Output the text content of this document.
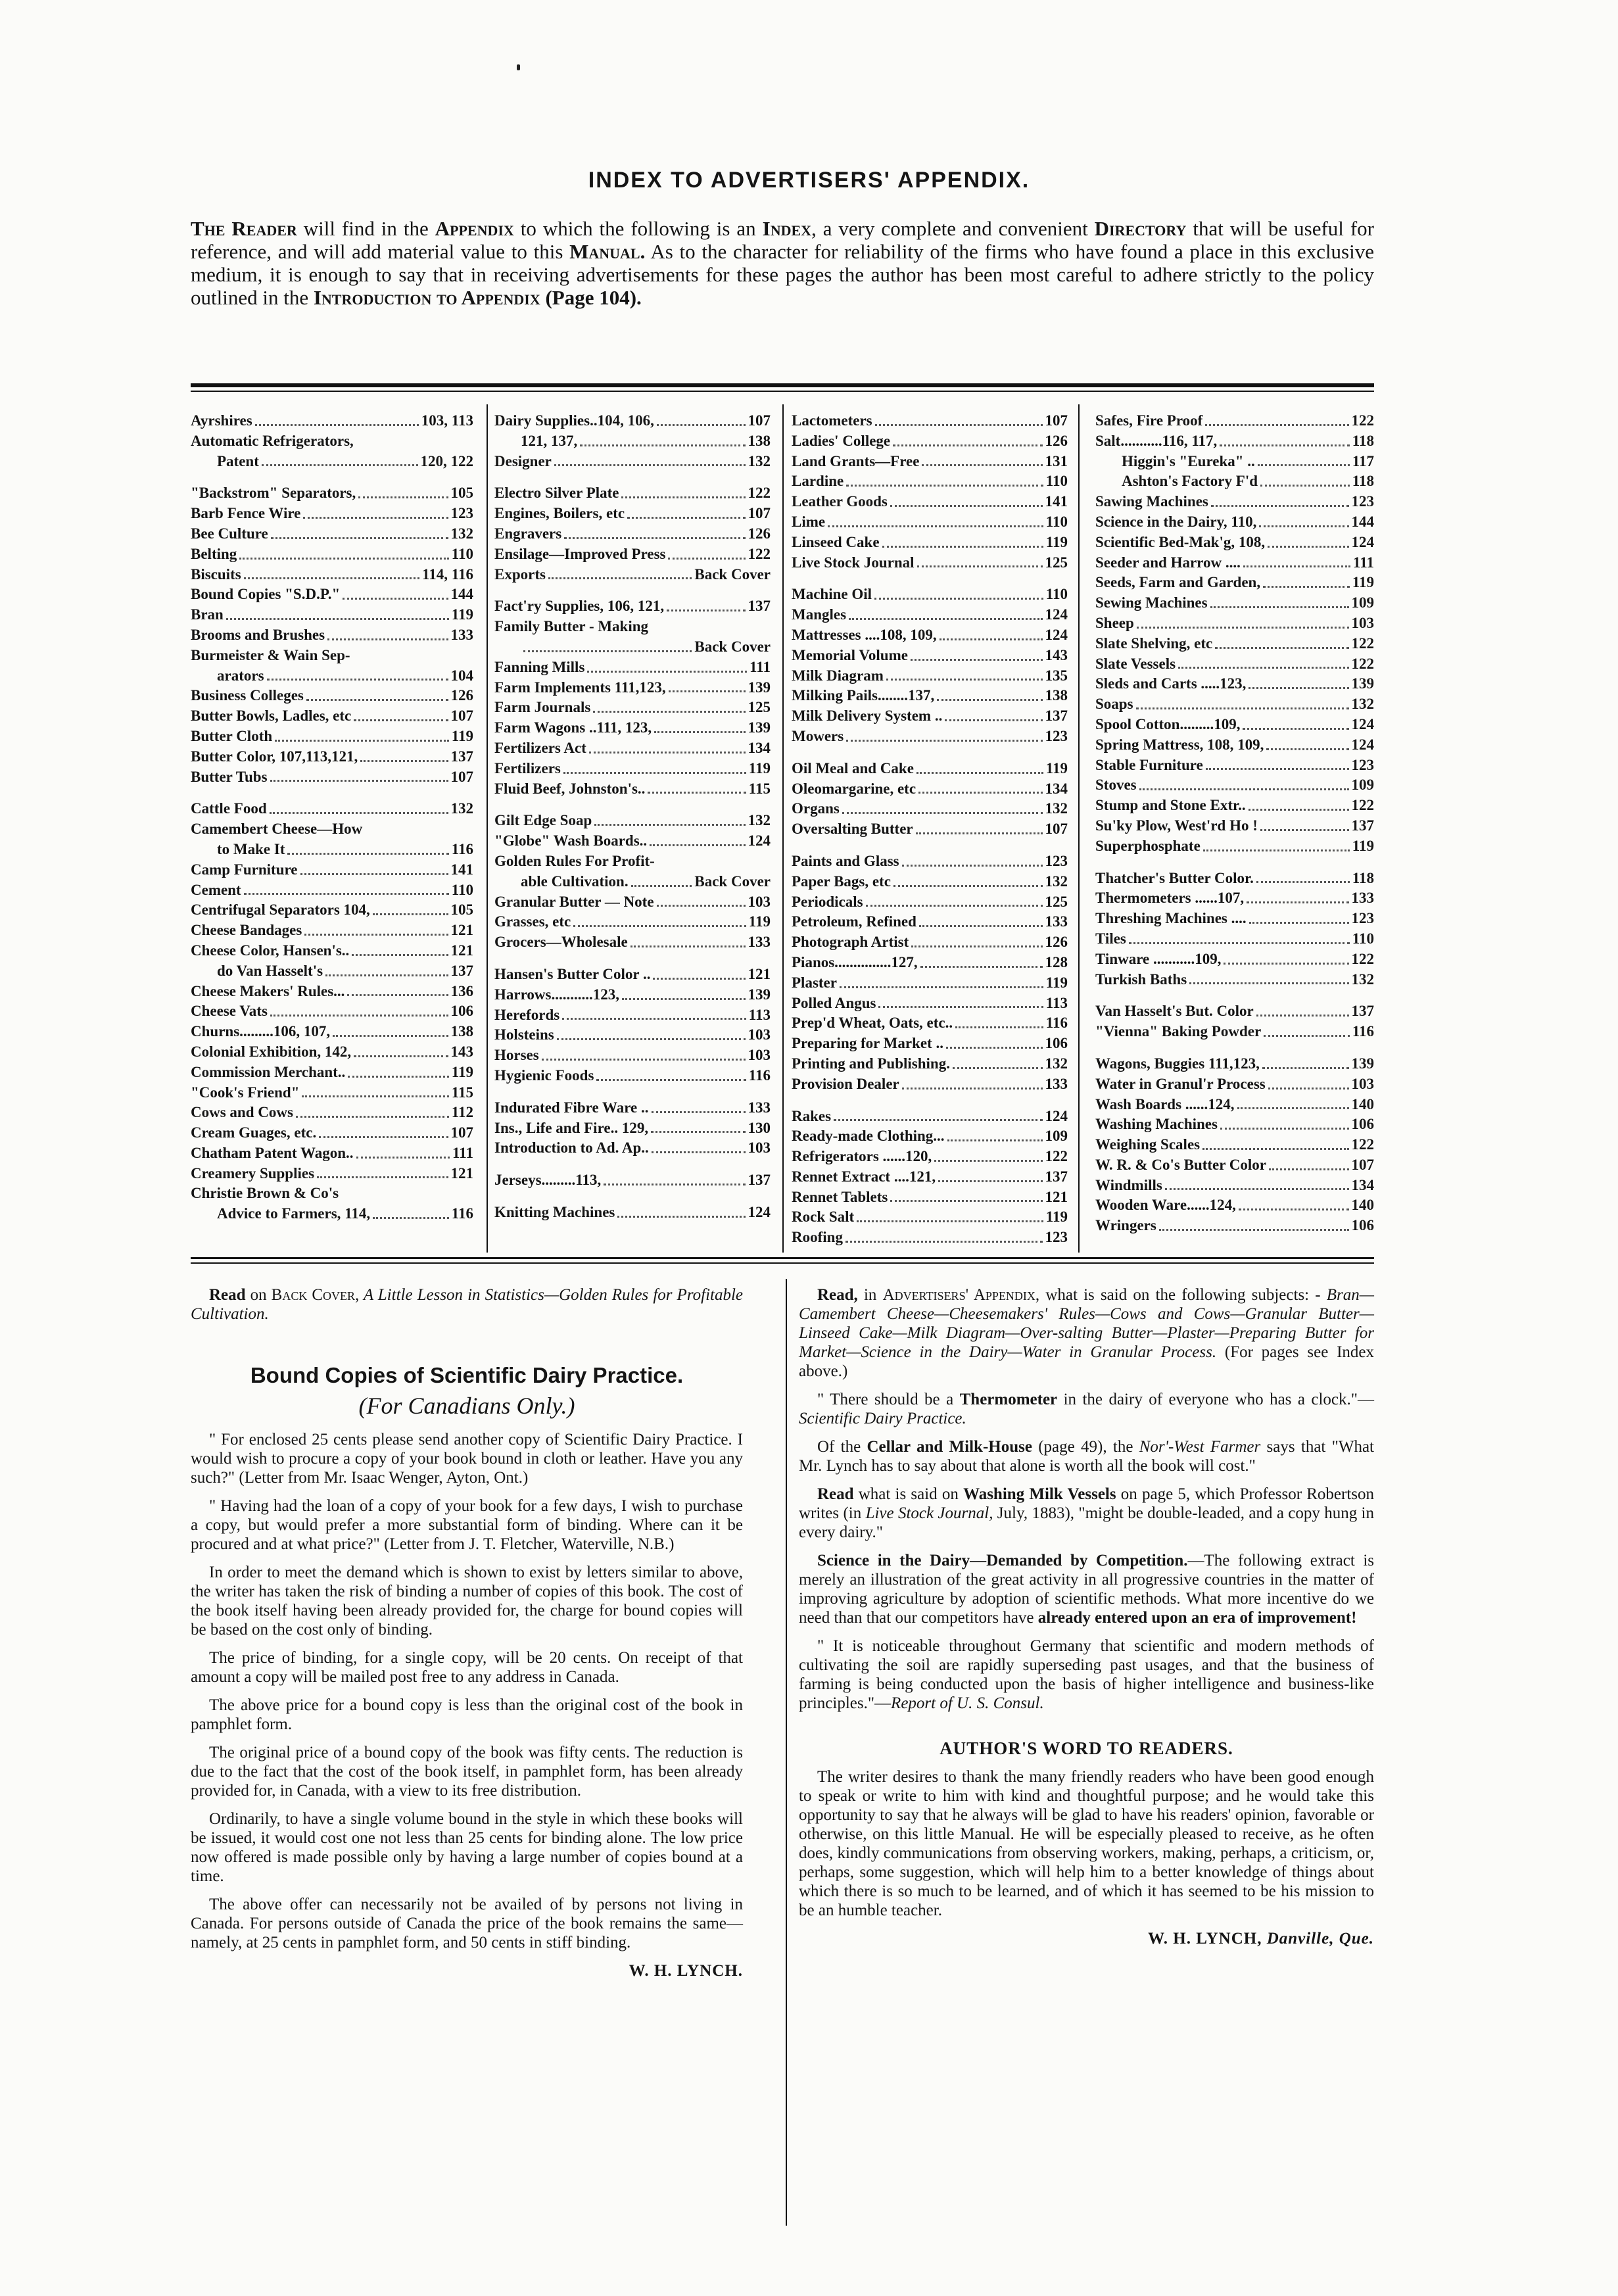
INDEX TO ADVERTISERS' APPENDIX.
The Reader will find in the Appendix to which the following is an Index, a very complete and convenient Directory that will be useful for reference, and will add material value to this Manual. As to the character for reliability of the firms who have found a place in this exclusive medium, it is enough to say that in receiving advertisements for these pages the author has been most careful to adhere strictly to the policy outlined in the Introduction to Appendix (Page 104).
Ayrshires	103, 113
Automatic Refrigerators,
Patent	120, 122
"Backstrom" Separators,	105
Barb Fence Wire	123
Bee Culture	132
Belting	110
Biscuits	114, 116
Bound Copies "S.D.P."	144
Bran	119
Brooms and Brushes	133
Burmeister & Wain Sep-
arators	104
Business Colleges	126
Butter Bowls, Ladles, etc	107
Butter Cloth	119
Butter Color, 107,113,121,	137
Butter Tubs	107
Cattle Food	132
Camembert Cheese—How
to Make It	116
Camp Furniture	141
Cement	110
Centrifugal Separators 104,	105
Cheese Bandages	121
Cheese Color, Hansen's..	121
do Van Hasselt's	137
Cheese Makers' Rules...	136
Cheese Vats	106
Churns.........106, 107,	138
Colonial Exhibition, 142,	143
Commission Merchant..	119
"Cook's Friend"	115
Cows and Cows	112
Cream Guages, etc.	107
Chatham Patent Wagon..	111
Creamery Supplies	121
Christie Brown & Co's
Advice to Farmers, 114,	116
Dairy Supplies..104, 106,	107
121, 137,	138
Designer	132
Electro Silver Plate	122
Engines, Boilers, etc	107
Engravers	126
Ensilage—Improved Press	122
Exports	Back Cover
Fact'ry Supplies, 106, 121,	137
Family Butter - Making
Back Cover
Fanning Mills	111
Farm Implements 111,123,	139
Farm Journals	125
Farm Wagons ..111, 123,	139
Fertilizers Act	134
Fertilizers	119
Fluid Beef, Johnston's..	115
Gilt Edge Soap	132
"Globe" Wash Boards..	124
Golden Rules For Profit-
able Cultivation.	Back Cover
Granular Butter — Note	103
Grasses, etc	119
Grocers—Wholesale	133
Hansen's Butter Color ..	121
Harrows...........123,	139
Herefords	113
Holsteins	103
Horses	103
Hygienic Foods	116
Indurated Fibre Ware ..	133
Ins., Life and Fire.. 129,	130
Introduction to Ad. Ap..	103
Jerseys.........113,	137
Knitting Machines	124
Lactometers	107
Ladies' College	126
Land Grants—Free	131
Lardine	110
Leather Goods	141
Lime	110
Linseed Cake	119
Live Stock Journal	125
Machine Oil	110
Mangles	124
Mattresses ....108, 109,	124
Memorial Volume	143
Milk Diagram	135
Milking Pails........137,	138
Milk Delivery System ..	137
Mowers	123
Oil Meal and Cake	119
Oleomargarine, etc	134
Organs	132
Oversalting Butter	107
Paints and Glass	123
Paper Bags, etc	132
Periodicals	125
Petroleum, Refined	133
Photograph Artist	126
Pianos...............127,	128
Plaster	119
Polled Angus	113
Prep'd Wheat, Oats, etc..	116
Preparing for Market ..	106
Printing and Publishing.	132
Provision Dealer	133
Rakes	124
Ready-made Clothing...	109
Refrigerators ......120,	122
Rennet Extract ....121,	137
Rennet Tablets	121
Rock Salt	119
Roofing	123
Safes, Fire Proof	122
Salt...........116, 117,	118
Higgin's "Eureka" ..	117
Ashton's Factory F'd	118
Sawing Machines	123
Science in the Dairy, 110,	144
Scientific Bed-Mak'g, 108,	124
Seeder and Harrow ....	111
Seeds, Farm and Garden,	119
Sewing Machines	109
Sheep	103
Slate Shelving, etc	122
Slate Vessels	122
Sleds and Carts .....123,	139
Soaps	132
Spool Cotton.........109,	124
Spring Mattress, 108, 109,	124
Stable Furniture	123
Stoves	109
Stump and Stone Extr..	122
Su'ky Plow, West'rd Ho !	137
Superphosphate	119
Thatcher's Butter Color.	118
Thermometers ......107,	133
Threshing Machines ....	123
Tiles	110
Tinware ...........109,	122
Turkish Baths	132
Van Hasselt's But. Color	137
"Vienna" Baking Powder	116
Wagons, Buggies 111,123,	139
Water in Granul'r Process	103
Wash Boards ......124,	140
Washing Machines	106
Weighing Scales	122
W. R. & Co's Butter Color	107
Windmills	134
Wooden Ware......124,	140
Wringers	106

Read on Back Cover, A Little Lesson in Statistics—Golden Rules for Profitable Cultivation.

Bound Copies of Scientific Dairy Practice.
(For Canadians Only.)

" For enclosed 25 cents please send another copy of Scientific Dairy Practice. I would wish to procure a copy of your book bound in cloth or leather. Have you any such?" (Letter from Mr. Isaac Wenger, Ayton, Ont.)

" Having had the loan of a copy of your book for a few days, I wish to purchase a copy, but would prefer a more substantial form of binding. Where can it be procured and at what price?" (Letter from J. T. Fletcher, Waterville, N.B.)

In order to meet the demand which is shown to exist by letters similar to above, the writer has taken the risk of binding a number of copies of this book. The cost of the book itself having been already provided for, the charge for bound copies will be based on the cost only of binding.

The price of binding, for a single copy, will be 20 cents. On receipt of that amount a copy will be mailed post free to any address in Canada.

The above price for a bound copy is less than the original cost of the book in pamphlet form.

The original price of a bound copy of the book was fifty cents. The reduction is due to the fact that the cost of the book itself, in pamphlet form, has been already provided for, in Canada, with a view to its free distribution.

Ordinarily, to have a single volume bound in the style in which these books will be issued, it would cost one not less than 25 cents for binding alone. The low price now offered is made possible only by having a large number of copies bound at a time.

The above offer can necessarily not be availed of by persons not living in Canada. For persons outside of Canada the price of the book remains the same—namely, at 25 cents in pamphlet form, and 50 cents in stiff binding.

W. H. LYNCH.

Read, in Advertisers' Appendix, what is said on the following subjects: - Bran—Camembert Cheese—Cheesemakers' Rules—Cows and Cows—Granular Butter—Linseed Cake—Milk Diagram—Over-salting Butter—Plaster—Preparing Butter for Market—Science in the Dairy—Water in Granular Process. (For pages see Index above.)

" There should be a Thermometer in the dairy of everyone who has a clock."—Scientific Dairy Practice.

Of the Cellar and Milk-House (page 49), the Nor'-West Farmer says that "What Mr. Lynch has to say about that alone is worth all the book will cost."

Read what is said on Washing Milk Vessels on page 5, which Professor Robertson writes (in Live Stock Journal, July, 1883), "might be double-leaded, and a copy hung in every dairy."

Science in the Dairy—Demanded by Competition.—The following extract is merely an illustration of the great activity in all progressive countries in the matter of improving agriculture by adoption of scientific methods. What more incentive do we need than that our competitors have already entered upon an era of improvement!

" It is noticeable throughout Germany that scientific and modern methods of cultivating the soil are rapidly superseding past usages, and that the business of farming is being conducted upon the basis of higher intelligence and business-like principles."—Report of U. S. Consul.

AUTHOR'S WORD TO READERS.

The writer desires to thank the many friendly readers who have been good enough to speak or write to him with kind and thoughtful purpose; and he would take this opportunity to say that he always will be glad to have his readers' opinion, favorable or otherwise, on this little Manual. He will be especially pleased to receive, as he often does, kindly communications from observing workers, making, perhaps, a criticism, or, perhaps, some suggestion, which will help him to a better knowledge of things about which there is so much to be learned, and of which it has seemed to be his mission to be an humble teacher.

W. H. LYNCH, Danville, Que.
